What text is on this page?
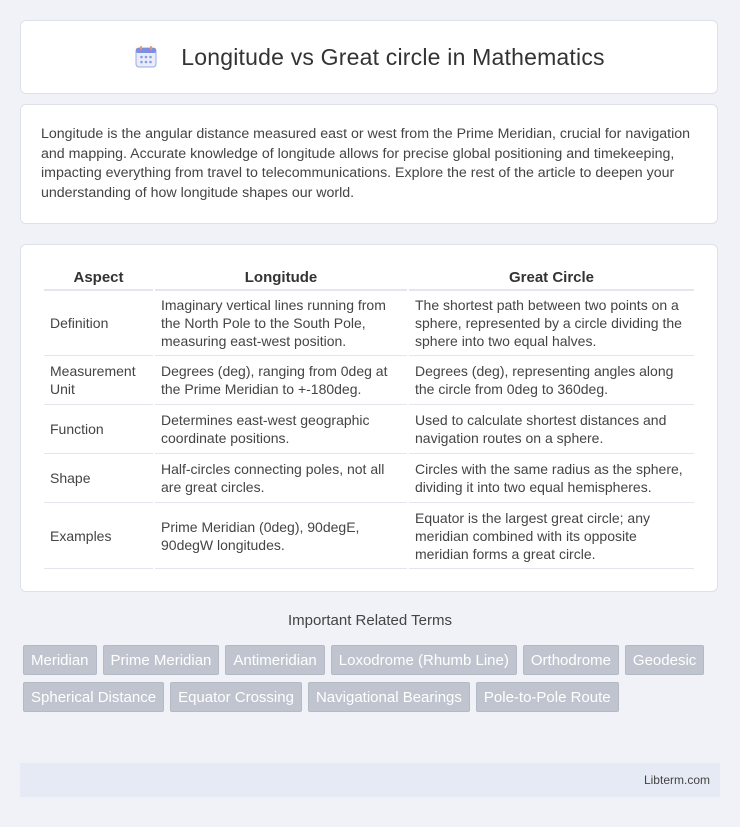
Longitude vs Great circle in Mathematics

Longitude is the angular distance measured east or west from the Prime Meridian, crucial for navigation and mapping. Accurate knowledge of longitude allows for precise global positioning and timekeeping, impacting everything from travel to telecommunications. Explore the rest of the article to deepen your understanding of how longitude shapes our world.

Aspect	Longitude	Great Circle
Definition	Imaginary vertical lines running from the North Pole to the South Pole, measuring east-west position.	The shortest path between two points on a sphere, represented by a circle dividing the sphere into two equal halves.
Measurement Unit	Degrees (deg), ranging from 0deg at the Prime Meridian to +-180deg.	Degrees (deg), representing angles along the circle from 0deg to 360deg.
Function	Determines east-west geographic coordinate positions.	Used to calculate shortest distances and navigation routes on a sphere.
Shape	Half-circles connecting poles, not all are great circles.	Circles with the same radius as the sphere, dividing it into two equal hemispheres.
Examples	Prime Meridian (0deg), 90degE, 90degW longitudes.	Equator is the largest great circle; any meridian combined with its opposite meridian forms a great circle.
Important Related Terms
Meridian	Prime Meridian	Antimeridian	Loxodrome (Rhumb Line)	Orthodrome	Geodesic
Spherical Distance	Equator Crossing	Navigational Bearings	Pole-to-Pole Route
Libterm.com
